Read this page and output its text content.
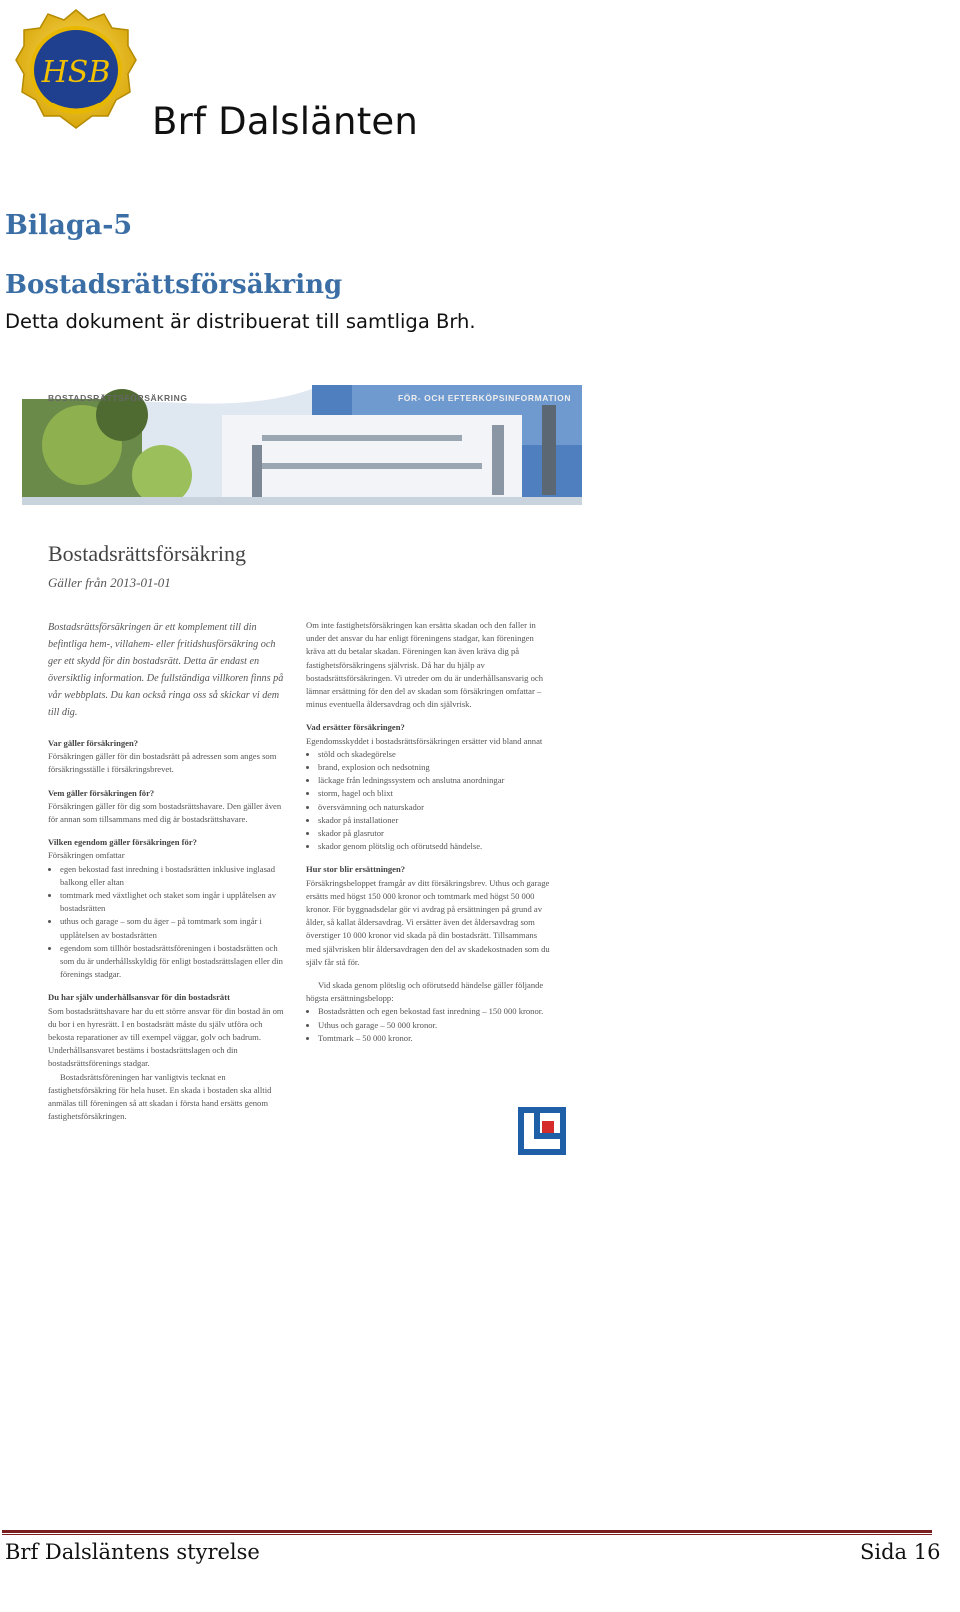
HSB
Brf Dalslänten
Bilaga-5
Bostadsrättsförsäkring
Detta dokument är distribuerat till samtliga Brh.
BOSTADSRÄTTSFÖRSÄKRING	FÖR- OCH EFTERKÖPSINFORMATION
Bostadsrättsförsäkring
Gäller från 2013-01-01
Bostadsrättsförsäkringen är ett komplement till din befintliga hem-, villahem- eller fritidshusförsäkring och ger ett skydd för din bostadsrätt. Detta är endast en översiktlig information. De fullständiga villkoren finns på vår webbplats. Du kan också ringa oss så skickar vi dem till dig.
Var gäller försäkringen?

Försäkringen gäller för din bostadsrätt på adressen som anges som försäkringsställe i försäkringsbrevet.

Vem gäller försäkringen för?

Försäkringen gäller för dig som bostadsrättshavare. Den gäller även för annan som tillsammans med dig är bostadsrättshavare.

Vilken egendom gäller försäkringen för?
Försäkringen omfattar
• egen bekostad fast inredning i bostadsrätten inklusive inglasad balkong eller altan
• tomtmark med växtlighet och staket som ingår i upplåtelsen av bostadsrätten
• uthus och garage – som du äger – på tomtmark som ingår i upplåtelsen av bostadsrätten
• egendom som tillhör bostadsrättsföreningen i bostadsrätten och som du är underhållsskyldig för enligt bostadsrättslagen eller din förenings stadgar.
Du har själv underhållsansvar för din bostadsrätt
Som bostadsrättshavare har du ett större ansvar för din bostad än om du bor i en hyresrätt. I en bostadsrätt måste du själv utföra och bekosta reparationer av till exempel väggar, golv och badrum. Underhållsansvaret bestäms i bostadsrättslagen och din bostadsrättsförenings stadgar.
Bostadsrättsföreningen har vanligtvis tecknat en fastighetsförsäkring för hela huset. En skada i bostaden ska alltid anmälas till föreningen så att skadan i första hand ersätts genom fastighetsförsäkringen.

Om inte fastighetsförsäkringen kan ersätta skadan och den faller in under det ansvar du har enligt föreningens stadgar, kan föreningen kräva att du betalar skadan. Föreningen kan även kräva dig på fastighetsförsäkringens självrisk. Då har du hjälp av bostadsrättsförsäkringen. Vi utreder om du är underhållsansvarig och lämnar ersättning för den del av skadan som försäkringen omfattar – minus eventuella åldersavdrag och din självrisk.

Vad ersätter försäkringen?
Egendomsskyddet i bostadsrättsförsäkringen ersätter vid bland annat
• stöld och skadegörelse
• brand, explosion och nedsotning
• läckage från ledningssystem och anslutna anordningar
• storm, hagel och blixt
• översvämning och naturskador
• skador på installationer
• skador på glasrutor
• skador genom plötslig och oförutsedd händelse.
Hur stor blir ersättningen?

Försäkringsbeloppet framgår av ditt försäkringsbrev. Uthus och garage ersätts med högst 150 000 kronor och tomtmark med högst 50 000 kronor. För byggnadsdelar gör vi avdrag på ersättningen på grund av ålder, så kallat åldersavdrag. Vi ersätter även det åldersavdrag som överstiger 10 000 kronor vid skada på din bostadsrätt. Tillsammans med självrisken blir åldersavdragen den del av skadekostnaden som du själv får stå för.

Vid skada genom plötslig och oförutsedd händelse gäller följande högsta ersättningsbelopp:
• Bostadsrätten och egen bekostad fast inredning – 150 000 kronor.
• Uthus och garage – 50 000 kronor.
• Tomtmark – 50 000 kronor.
Brf Dalsläntens styrelse	Sida 16
